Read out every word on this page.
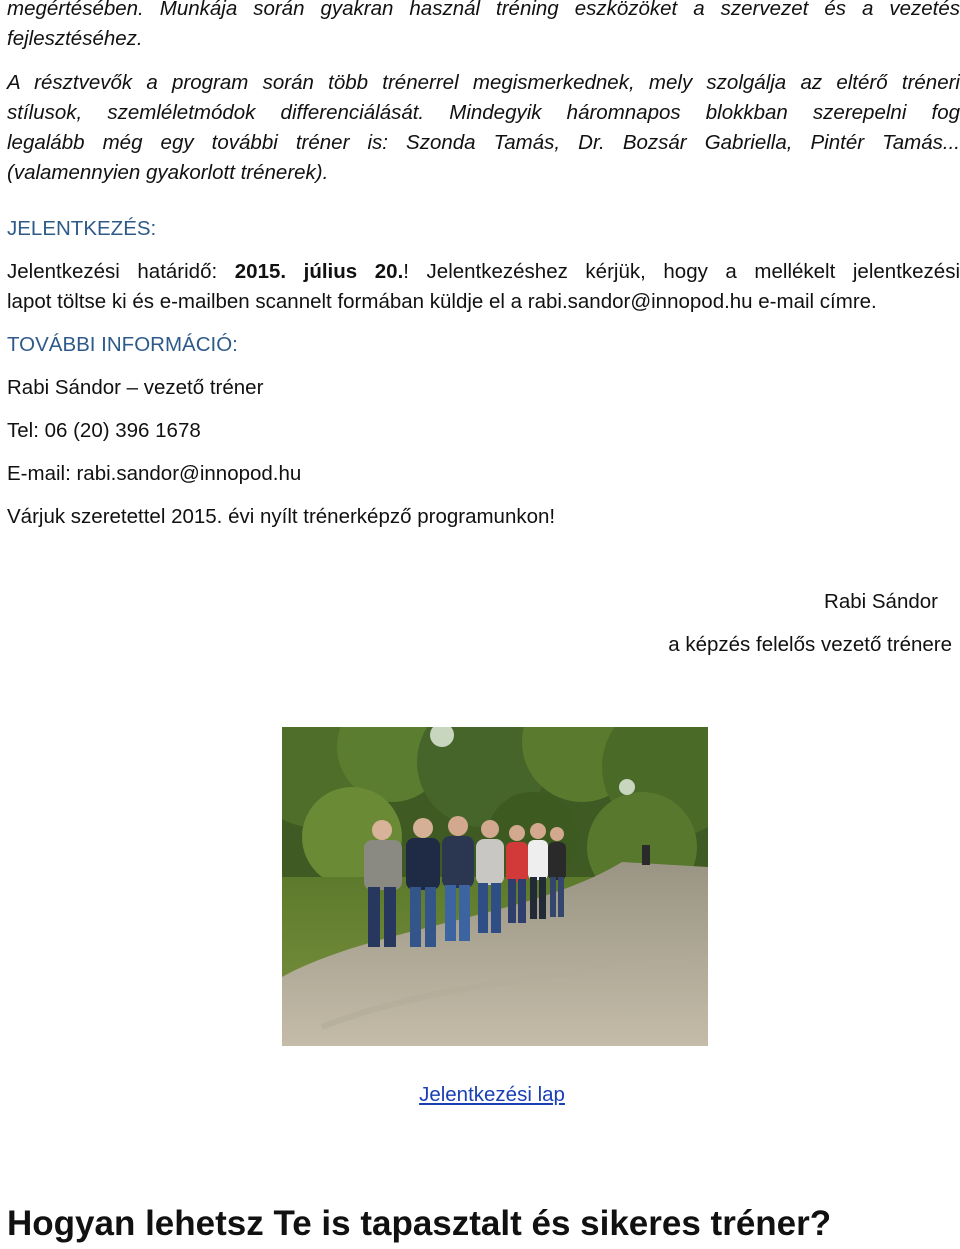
megértésében. Munkája során gyakran használ tréning eszközöket a szervezet és a vezetés

fejlesztéséhez.

A résztvevők a program során több trénerrel megismerkednek, mely szolgálja az eltérő tréneri

stílusok, szemléletmódok differenciálását. Mindegyik háromnapos blokkban szerepelni fog

legalább még egy további tréner is: Szonda Tamás, Dr. Bozsár Gabriella, Pintér Tamás...

(valamennyien gyakorlott trénerek).

JELENTKEZÉS:

Jelentkezési határidő: 2015. július 20.! Jelentkezéshez kérjük, hogy a mellékelt jelentkezési

lapot töltse ki és e-mailben scannelt formában küldje el a rabi.sandor@innopod.hu e-mail címre.

TOVÁBBI INFORMÁCIÓ:
Rabi Sándor – vezető tréner
Tel: 06 (20) 396 1678
E-mail: rabi.sandor@innopod.hu
Várjuk szeretettel 2015. évi nyílt trénerképző programunkon!
Rabi Sándor
a képzés felelős vezető trénere
Jelentkezési lap
Hogyan lehetsz Te is tapasztalt és sikeres tréner?
